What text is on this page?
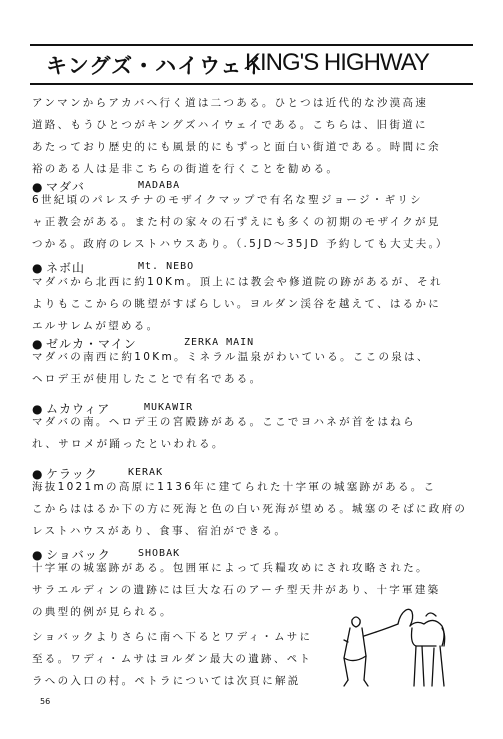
キングズ・ハイウェイ
KING'S HIGHWAY
アンマンからアカバへ行く道は二つある。ひとつは近代的な沙漠高速
道路、もうひとつがキングズハイウェイである。こちらは、旧街道に
あたっており歴史的にも風景的にもずっと面白い街道である。時間に余
裕のある人は是非こちらの街道を行くことを勧める。
● マダバ	MADABA
6世紀頃のパレスチナのモザイクマップで有名な聖ジョージ・ギリシ
ャ正教会がある。また村の家々の石ずえにも多くの初期のモザイクが見
つかる。政府のレストハウスあり。（.5JD〜35JD 予約しても大丈夫。）
● ネボ山	Mt. NEBO
マダバから北西に約10Km。頂上には教会や修道院の跡があるが、それ
よりもここからの眺望がすばらしい。ヨルダン渓谷を越えて、はるかに
エルサレムが望める。
● ゼルカ・マイン	ZERKA MAIN
マダバの南西に約10Km。ミネラル温泉がわいている。ここの泉は、
ヘロデ王が使用したことで有名である。
● ムカウィア	MUKAWIR
マダバの南。ヘロデ王の宮殿跡がある。ここでヨハネが首をはねら
れ、サロメが踊ったといわれる。
● ケラック	KERAK
海抜1021mの高原に1136年に建てられた十字軍の城塞跡がある。こ
こからははるか下の方に死海と色の白い死海が望める。城塞のそばに政府の
レストハウスがあり、食事、宿泊ができる。
● ショバック	SHOBAK
十字軍の城塞跡がある。包囲軍によって兵糧攻めにされ攻略された。
サラエルディンの遺跡には巨大な石のアーチ型天井があり、十字軍建築
の典型的例が見られる。
ショバックよりさらに南へ下るとワディ・ムサに
至る。ワディ・ムサはヨルダン最大の遺跡、ペト
ラへの入口の村。ペトラについては次頁に解説
56
